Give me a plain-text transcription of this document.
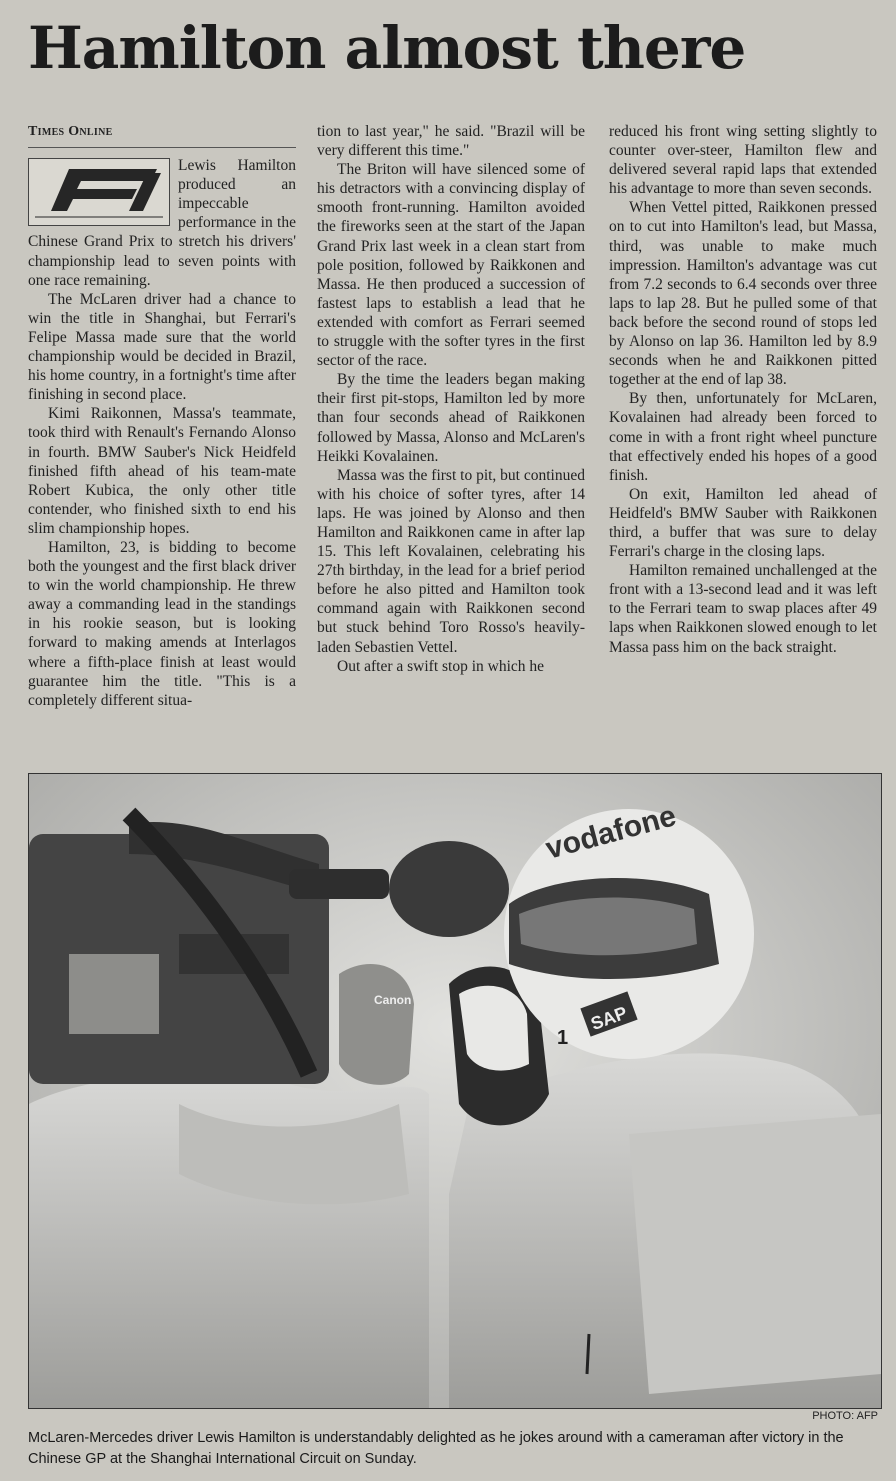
Hamilton almost there
Times Online

Lewis Hamilton produced an impeccable performance in the Chinese Grand Prix to stretch his drivers' championship lead to seven points with one race remaining.

The McLaren driver had a chance to win the title in Shanghai, but Ferrari's Felipe Massa made sure that the world championship would be decided in Brazil, his home country, in a fortnight's time after finishing in second place.

Kimi Raikonnen, Massa's teammate, took third with Renault's Fernando Alonso in fourth. BMW Sauber's Nick Heidfeld finished fifth ahead of his team-mate Robert Kubica, the only other title contender, who finished sixth to end his slim championship hopes.

Hamilton, 23, is bidding to become both the youngest and the first black driver to win the world championship. He threw away a commanding lead in the standings in his rookie season, but is looking forward to making amends at Interlagos where a fifth-place finish at least would guarantee him the title. "This is a completely different situa-

tion to last year," he said. "Brazil will be very different this time."

The Briton will have silenced some of his detractors with a convincing display of smooth front-running. Hamilton avoided the fireworks seen at the start of the Japan Grand Prix last week in a clean start from pole position, followed by Raikkonen and Massa. He then produced a succession of fastest laps to establish a lead that he extended with comfort as Ferrari seemed to struggle with the softer tyres in the first sector of the race.

By the time the leaders began making their first pit-stops, Hamilton led by more than four seconds ahead of Raikkonen followed by Massa, Alonso and McLaren's Heikki Kovalainen.

Massa was the first to pit, but continued with his choice of softer tyres, after 14 laps. He was joined by Alonso and then Hamilton and Raikkonen came in after lap 15. This left Kovalainen, celebrating his 27th birthday, in the lead for a brief period before he also pitted and Hamilton took command again with Raikkonen second but stuck behind Toro Rosso's heavily-laden Sebastien Vettel.

Out after a swift stop in which he

reduced his front wing setting slightly to counter over-steer, Hamilton flew and delivered several rapid laps that extended his advantage to more than seven seconds.

When Vettel pitted, Raikkonen pressed on to cut into Hamilton's lead, but Massa, third, was unable to make much impression. Hamilton's advantage was cut from 7.2 seconds to 6.4 seconds over three laps to lap 28. But he pulled some of that back before the second round of stops led by Alonso on lap 36. Hamilton led by 8.9 seconds when he and Raikkonen pitted together at the end of lap 38.

By then, unfortunately for McLaren, Kovalainen had already been forced to come in with a front right wheel puncture that effectively ended his hopes of a good finish.

On exit, Hamilton led ahead of Heidfeld's BMW Sauber with Raikkonen third, a buffer that was sure to delay Ferrari's charge in the closing laps.

Hamilton remained unchallenged at the front with a 13-second lead and it was left to the Ferrari team to swap places after 49 laps when Raikkonen slowed enough to let Massa pass him on the back straight.

vodafone
SAP
1
Canon
PHOTO: AFP
McLaren-Mercedes driver Lewis Hamilton is understandably delighted as he jokes around with a cameraman after victory in the Chinese GP at the Shanghai International Circuit on Sunday.
